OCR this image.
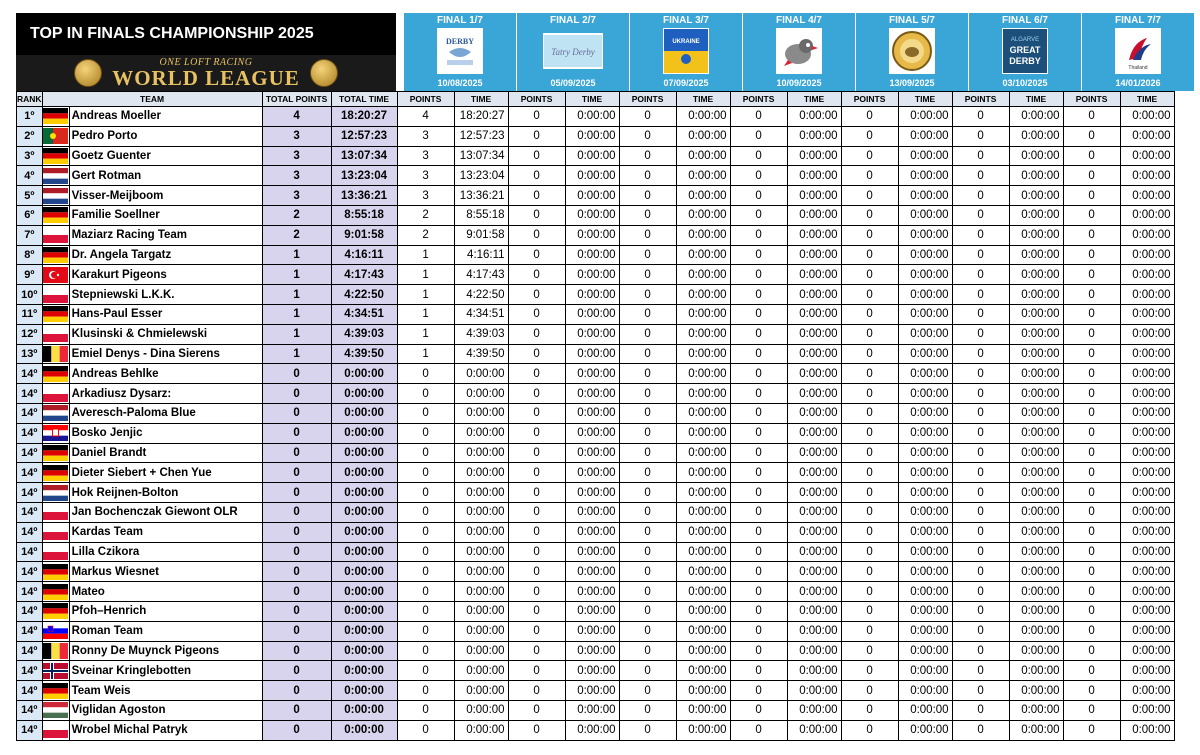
TOP IN FINALS CHAMPIONSHIP 2025
ONE LOFT RACING
WORLD LEAGUE
FINAL 1/7
DERBY
10/08/2025
FINAL 2/7
Tatry Derby
05/09/2025
FINAL 3/7
UKRAINE
07/09/2025
FINAL 4/7
10/09/2025
FINAL 5/7
13/09/2025
FINAL 6/7
ALGARVE
GREAT
DERBY
03/10/2025
FINAL 7/7
Thailand
14/01/2026
RANK	TEAM		TOTAL POINTS	TOTAL TIME	POINTS	TIME	POINTS	TIME	POINTS	TIME	POINTS	TIME	POINTS	TIME	POINTS	TIME	POINTS	TIME
1º		Andreas Moeller	4	18:20:27	4	18:20:27	0	0:00:00	0	0:00:00	0	0:00:00	0	0:00:00	0	0:00:00	0	0:00:00
2º		Pedro Porto	3	12:57:23	3	12:57:23	0	0:00:00	0	0:00:00	0	0:00:00	0	0:00:00	0	0:00:00	0	0:00:00
3º		Goetz Guenter	3	13:07:34	3	13:07:34	0	0:00:00	0	0:00:00	0	0:00:00	0	0:00:00	0	0:00:00	0	0:00:00
4º		Gert Rotman	3	13:23:04	3	13:23:04	0	0:00:00	0	0:00:00	0	0:00:00	0	0:00:00	0	0:00:00	0	0:00:00
5º		Visser-Meijboom	3	13:36:21	3	13:36:21	0	0:00:00	0	0:00:00	0	0:00:00	0	0:00:00	0	0:00:00	0	0:00:00
6º		Familie Soellner	2	8:55:18	2	8:55:18	0	0:00:00	0	0:00:00	0	0:00:00	0	0:00:00	0	0:00:00	0	0:00:00
7º		Maziarz Racing Team	2	9:01:58	2	9:01:58	0	0:00:00	0	0:00:00	0	0:00:00	0	0:00:00	0	0:00:00	0	0:00:00
8º		Dr. Angela Targatz	1	4:16:11	1	4:16:11	0	0:00:00	0	0:00:00	0	0:00:00	0	0:00:00	0	0:00:00	0	0:00:00
9º		Karakurt Pigeons	1	4:17:43	1	4:17:43	0	0:00:00	0	0:00:00	0	0:00:00	0	0:00:00	0	0:00:00	0	0:00:00
10º		Stepniewski L.K.K.	1	4:22:50	1	4:22:50	0	0:00:00	0	0:00:00	0	0:00:00	0	0:00:00	0	0:00:00	0	0:00:00
11º		Hans-Paul Esser	1	4:34:51	1	4:34:51	0	0:00:00	0	0:00:00	0	0:00:00	0	0:00:00	0	0:00:00	0	0:00:00
12º		Klusinski & Chmielewski	1	4:39:03	1	4:39:03	0	0:00:00	0	0:00:00	0	0:00:00	0	0:00:00	0	0:00:00	0	0:00:00
13º		Emiel Denys - Dina Sierens	1	4:39:50	1	4:39:50	0	0:00:00	0	0:00:00	0	0:00:00	0	0:00:00	0	0:00:00	0	0:00:00
14º		Andreas Behlke	0	0:00:00	0	0:00:00	0	0:00:00	0	0:00:00	0	0:00:00	0	0:00:00	0	0:00:00	0	0:00:00
14º		Arkadiusz Dysarz:	0	0:00:00	0	0:00:00	0	0:00:00	0	0:00:00	0	0:00:00	0	0:00:00	0	0:00:00	0	0:00:00
14º		Averesch-Paloma Blue	0	0:00:00	0	0:00:00	0	0:00:00	0	0:00:00	0	0:00:00	0	0:00:00	0	0:00:00	0	0:00:00
14º		Bosko Jenjic	0	0:00:00	0	0:00:00	0	0:00:00	0	0:00:00	0	0:00:00	0	0:00:00	0	0:00:00	0	0:00:00
14º		Daniel Brandt	0	0:00:00	0	0:00:00	0	0:00:00	0	0:00:00	0	0:00:00	0	0:00:00	0	0:00:00	0	0:00:00
14º		Dieter Siebert + Chen Yue	0	0:00:00	0	0:00:00	0	0:00:00	0	0:00:00	0	0:00:00	0	0:00:00	0	0:00:00	0	0:00:00
14º		Hok Reijnen-Bolton	0	0:00:00	0	0:00:00	0	0:00:00	0	0:00:00	0	0:00:00	0	0:00:00	0	0:00:00	0	0:00:00
14º		Jan Bochenczak Giewont OLR	0	0:00:00	0	0:00:00	0	0:00:00	0	0:00:00	0	0:00:00	0	0:00:00	0	0:00:00	0	0:00:00
14º		Kardas Team	0	0:00:00	0	0:00:00	0	0:00:00	0	0:00:00	0	0:00:00	0	0:00:00	0	0:00:00	0	0:00:00
14º		Lilla Czikora	0	0:00:00	0	0:00:00	0	0:00:00	0	0:00:00	0	0:00:00	0	0:00:00	0	0:00:00	0	0:00:00
14º		Markus Wiesnet	0	0:00:00	0	0:00:00	0	0:00:00	0	0:00:00	0	0:00:00	0	0:00:00	0	0:00:00	0	0:00:00
14º		Mateo	0	0:00:00	0	0:00:00	0	0:00:00	0	0:00:00	0	0:00:00	0	0:00:00	0	0:00:00	0	0:00:00
14º		Pfoh–Henrich	0	0:00:00	0	0:00:00	0	0:00:00	0	0:00:00	0	0:00:00	0	0:00:00	0	0:00:00	0	0:00:00
14º		Roman Team	0	0:00:00	0	0:00:00	0	0:00:00	0	0:00:00	0	0:00:00	0	0:00:00	0	0:00:00	0	0:00:00
14º		Ronny De Muynck Pigeons	0	0:00:00	0	0:00:00	0	0:00:00	0	0:00:00	0	0:00:00	0	0:00:00	0	0:00:00	0	0:00:00
14º		Sveinar Kringlebotten	0	0:00:00	0	0:00:00	0	0:00:00	0	0:00:00	0	0:00:00	0	0:00:00	0	0:00:00	0	0:00:00
14º		Team Weis	0	0:00:00	0	0:00:00	0	0:00:00	0	0:00:00	0	0:00:00	0	0:00:00	0	0:00:00	0	0:00:00
14º		Viglidan Agoston	0	0:00:00	0	0:00:00	0	0:00:00	0	0:00:00	0	0:00:00	0	0:00:00	0	0:00:00	0	0:00:00
14º		Wrobel Michal Patryk	0	0:00:00	0	0:00:00	0	0:00:00	0	0:00:00	0	0:00:00	0	0:00:00	0	0:00:00	0	0:00:00
